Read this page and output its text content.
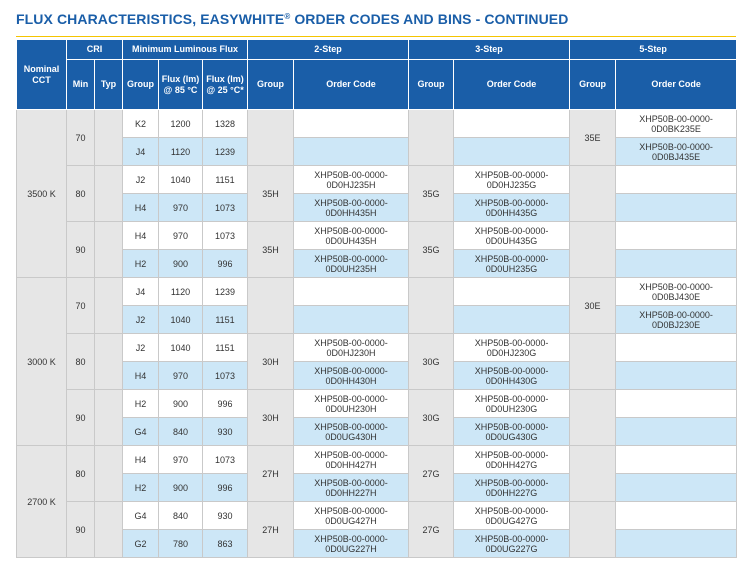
FLUX CHARACTERISTICS, EASYWHITE® ORDER CODES AND BINS - CONTINUED
Nominal CCT	CRI		Minimum Luminous Flux			2-Step		3-Step		5-Step	
	Min	Typ	Group	Flux (lm) @ 85 °C	Flux (lm) @ 25 °C*	Group	Order Code	Group	Order Code	Group	Order Code
3500 K	70		K2	1200	1328					35E	XHP50B-00-0000-0D0BK235E
			J4	1120	1239						XHP50B-00-0000-0D0BJ435E
	80		J2	1040	1151	35H	XHP50B-00-0000-0D0HJ235H	35G	XHP50B-00-0000-0D0HJ235G		
			H4	970	1073		XHP50B-00-0000-0D0HH435H		XHP50B-00-0000-0D0HH435G		
	90		H4	970	1073	35H	XHP50B-00-0000-0D0UH435H	35G	XHP50B-00-0000-0D0UH435G		
			H2	900	996		XHP50B-00-0000-0D0UH235H		XHP50B-00-0000-0D0UH235G		
3000 K	70		J4	1120	1239					30E	XHP50B-00-0000-0D0BJ430E
			J2	1040	1151						XHP50B-00-0000-0D0BJ230E
	80		J2	1040	1151	30H	XHP50B-00-0000-0D0HJ230H	30G	XHP50B-00-0000-0D0HJ230G		
			H4	970	1073		XHP50B-00-0000-0D0HH430H		XHP50B-00-0000-0D0HH430G		
	90		H2	900	996	30H	XHP50B-00-0000-0D0UH230H	30G	XHP50B-00-0000-0D0UH230G		
			G4	840	930		XHP50B-00-0000-0D0UG430H		XHP50B-00-0000-0D0UG430G		
2700 K	80		H4	970	1073	27H	XHP50B-00-0000-0D0HH427H	27G	XHP50B-00-0000-0D0HH427G		
			H2	900	996		XHP50B-00-0000-0D0HH227H		XHP50B-00-0000-0D0HH227G		
	90		G4	840	930	27H	XHP50B-00-0000-0D0UG427H	27G	XHP50B-00-0000-0D0UG427G		
			G2	780	863		XHP50B-00-0000-0D0UG227H		XHP50B-00-0000-0D0UG227G		
